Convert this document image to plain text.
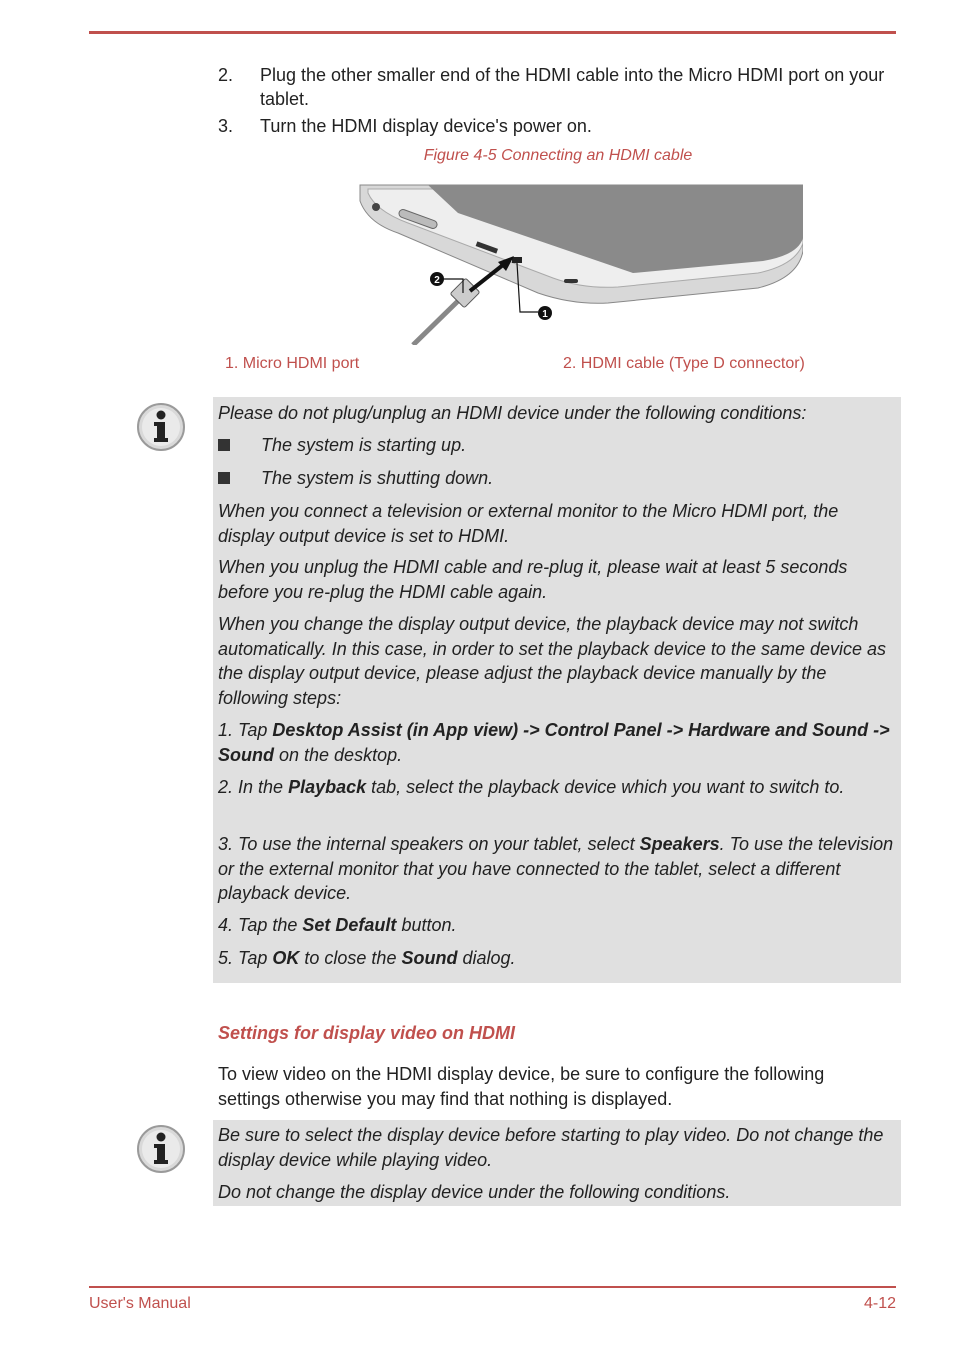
2. Plug the other smaller end of the HDMI cable into the Micro HDMI port on your tablet.
3. Turn the HDMI display device's power on.
Figure 4-5 Connecting an HDMI cable
2
1
1. Micro HDMI port	2. HDMI cable (Type D connector)

Please do not plug/unplug an HDMI device under the following conditions:

The system is starting up.

The system is shutting down.

When you connect a television or external monitor to the Micro HDMI port, the display output device is set to HDMI.

When you unplug the HDMI cable and re-plug it, please wait at least 5 seconds before you re-plug the HDMI cable again.

When you change the display output device, the playback device may not switch automatically. In this case, in order to set the playback device to the same device as the display output device, please adjust the playback device manually by the following steps:

1. Tap Desktop Assist (in App view) -> Control Panel -> Hardware and Sound -> Sound on the desktop.

2. In the Playback tab, select the playback device which you want to switch to.

3. To use the internal speakers on your tablet, select Speakers. To use the television or the external monitor that you have connected to the tablet, select a different playback device.

4. Tap the Set Default button.

5. Tap OK to close the Sound dialog.

Settings for display video on HDMI
To view video on the HDMI display device, be sure to configure the following settings otherwise you may find that nothing is displayed.

Be sure to select the display device before starting to play video. Do not change the display device while playing video.

Do not change the display device under the following conditions.

User's Manual	4-12
